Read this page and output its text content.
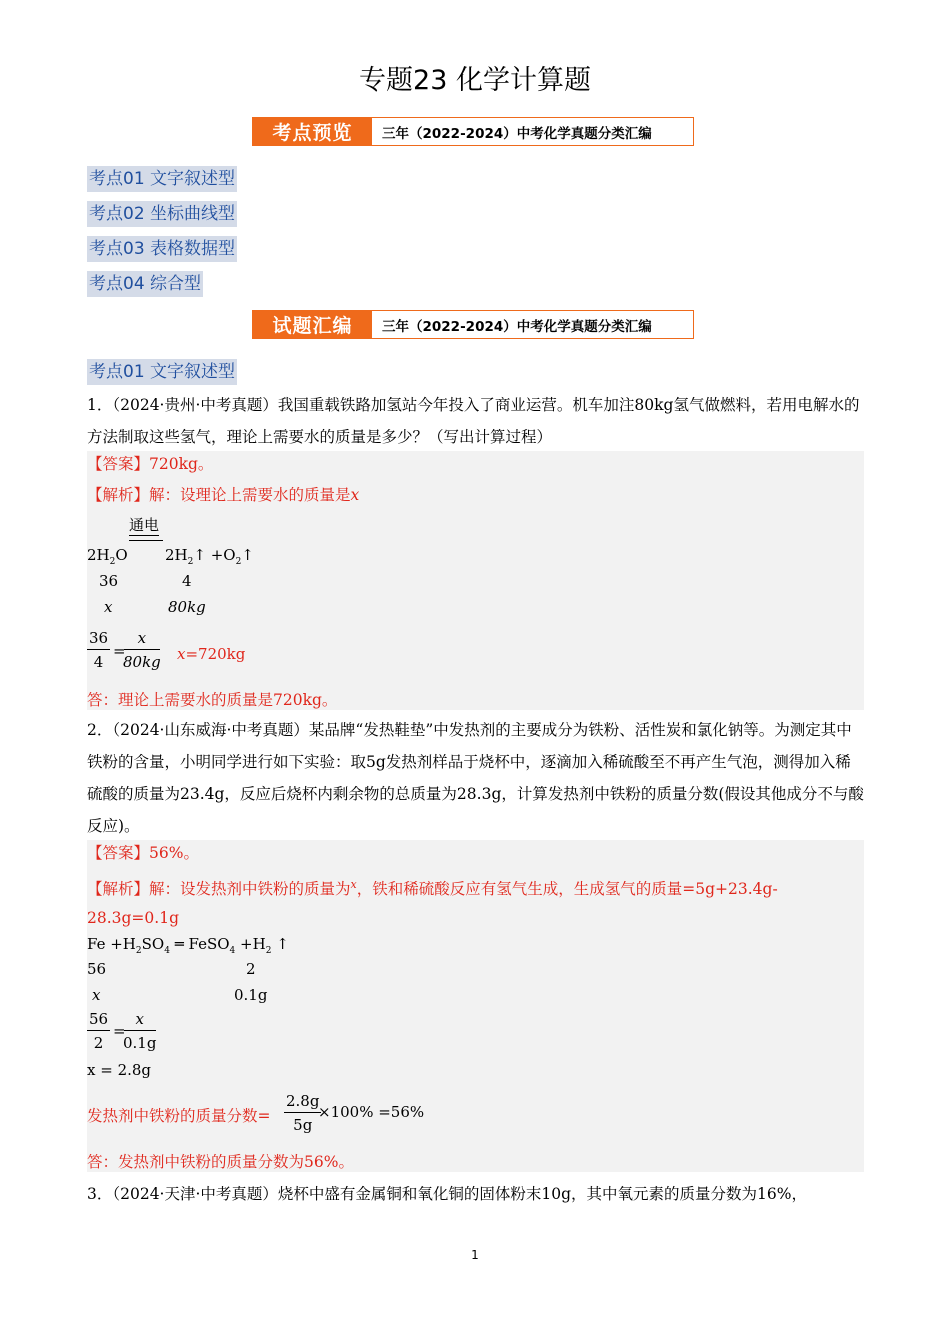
专题23 化学计算题
考点预览	三年（2022-2024）中考化学真题分类汇编
考点01 文字叙述型
考点02 坐标曲线型
考点03 表格数据型
考点04 综合型
试题汇编	三年（2022-2024）中考化学真题分类汇编
考点01 文字叙述型
1．（2024·贵州·中考真题）我国重载铁路加氢站今年投入了商业运营。机车加注80kg氢气做燃料，若用电解水的方法制取这些氢气，理论上需要水的质量是多少？（写出计算过程）
【答案】720kg。
【解析】解：设理论上需要水的质量是x
通电
$2H_2O$ $2H_2↑$ $+O_2↑$
36	4
x	80kg
$\frac{36}{4}$ =
$\frac{x}{80kg} x=720kg$
答：理论上需要水的质量是720kg。
2．（2024·山东威海·中考真题）某品牌“发热鞋垫”中发热剂的主要成分为铁粉、活性炭和氯化钠等。为测定其中铁粉的含量，小明同学进行如下实验：取5g发热剂样品于烧杯中，逐滴加入稀硫酸至不再产生气泡，测得加入稀硫酸的质量为23.4g，反应后烧杯内剩余物的总质量为28.3g，计算发热剂中铁粉的质量分数(假设其他成分不与酸反应)。
【答案】56%。
【解析】解：设发热剂中铁粉的质量为$^x$，铁和稀硫酸反应有氢气生成，生成氢气的质量=5g+23.4g-28.3g=0.1g
$Fe +H_2SO_4$ ═ FeSO$_4$ $+H_2$ ↑
56	2
x	0.1g
$\frac{56}{2}$ =
$\frac{x}{0.1g}$
x = 2.8g
发热剂中铁粉的质量分数= $\frac{2.8g}{5g}$
×100% =56%
答：发热剂中铁粉的质量分数为56%。
3．（2024·天津·中考真题）烧杯中盛有金属铜和氧化铜的固体粉末10g，其中氧元素的质量分数为16%，
1
